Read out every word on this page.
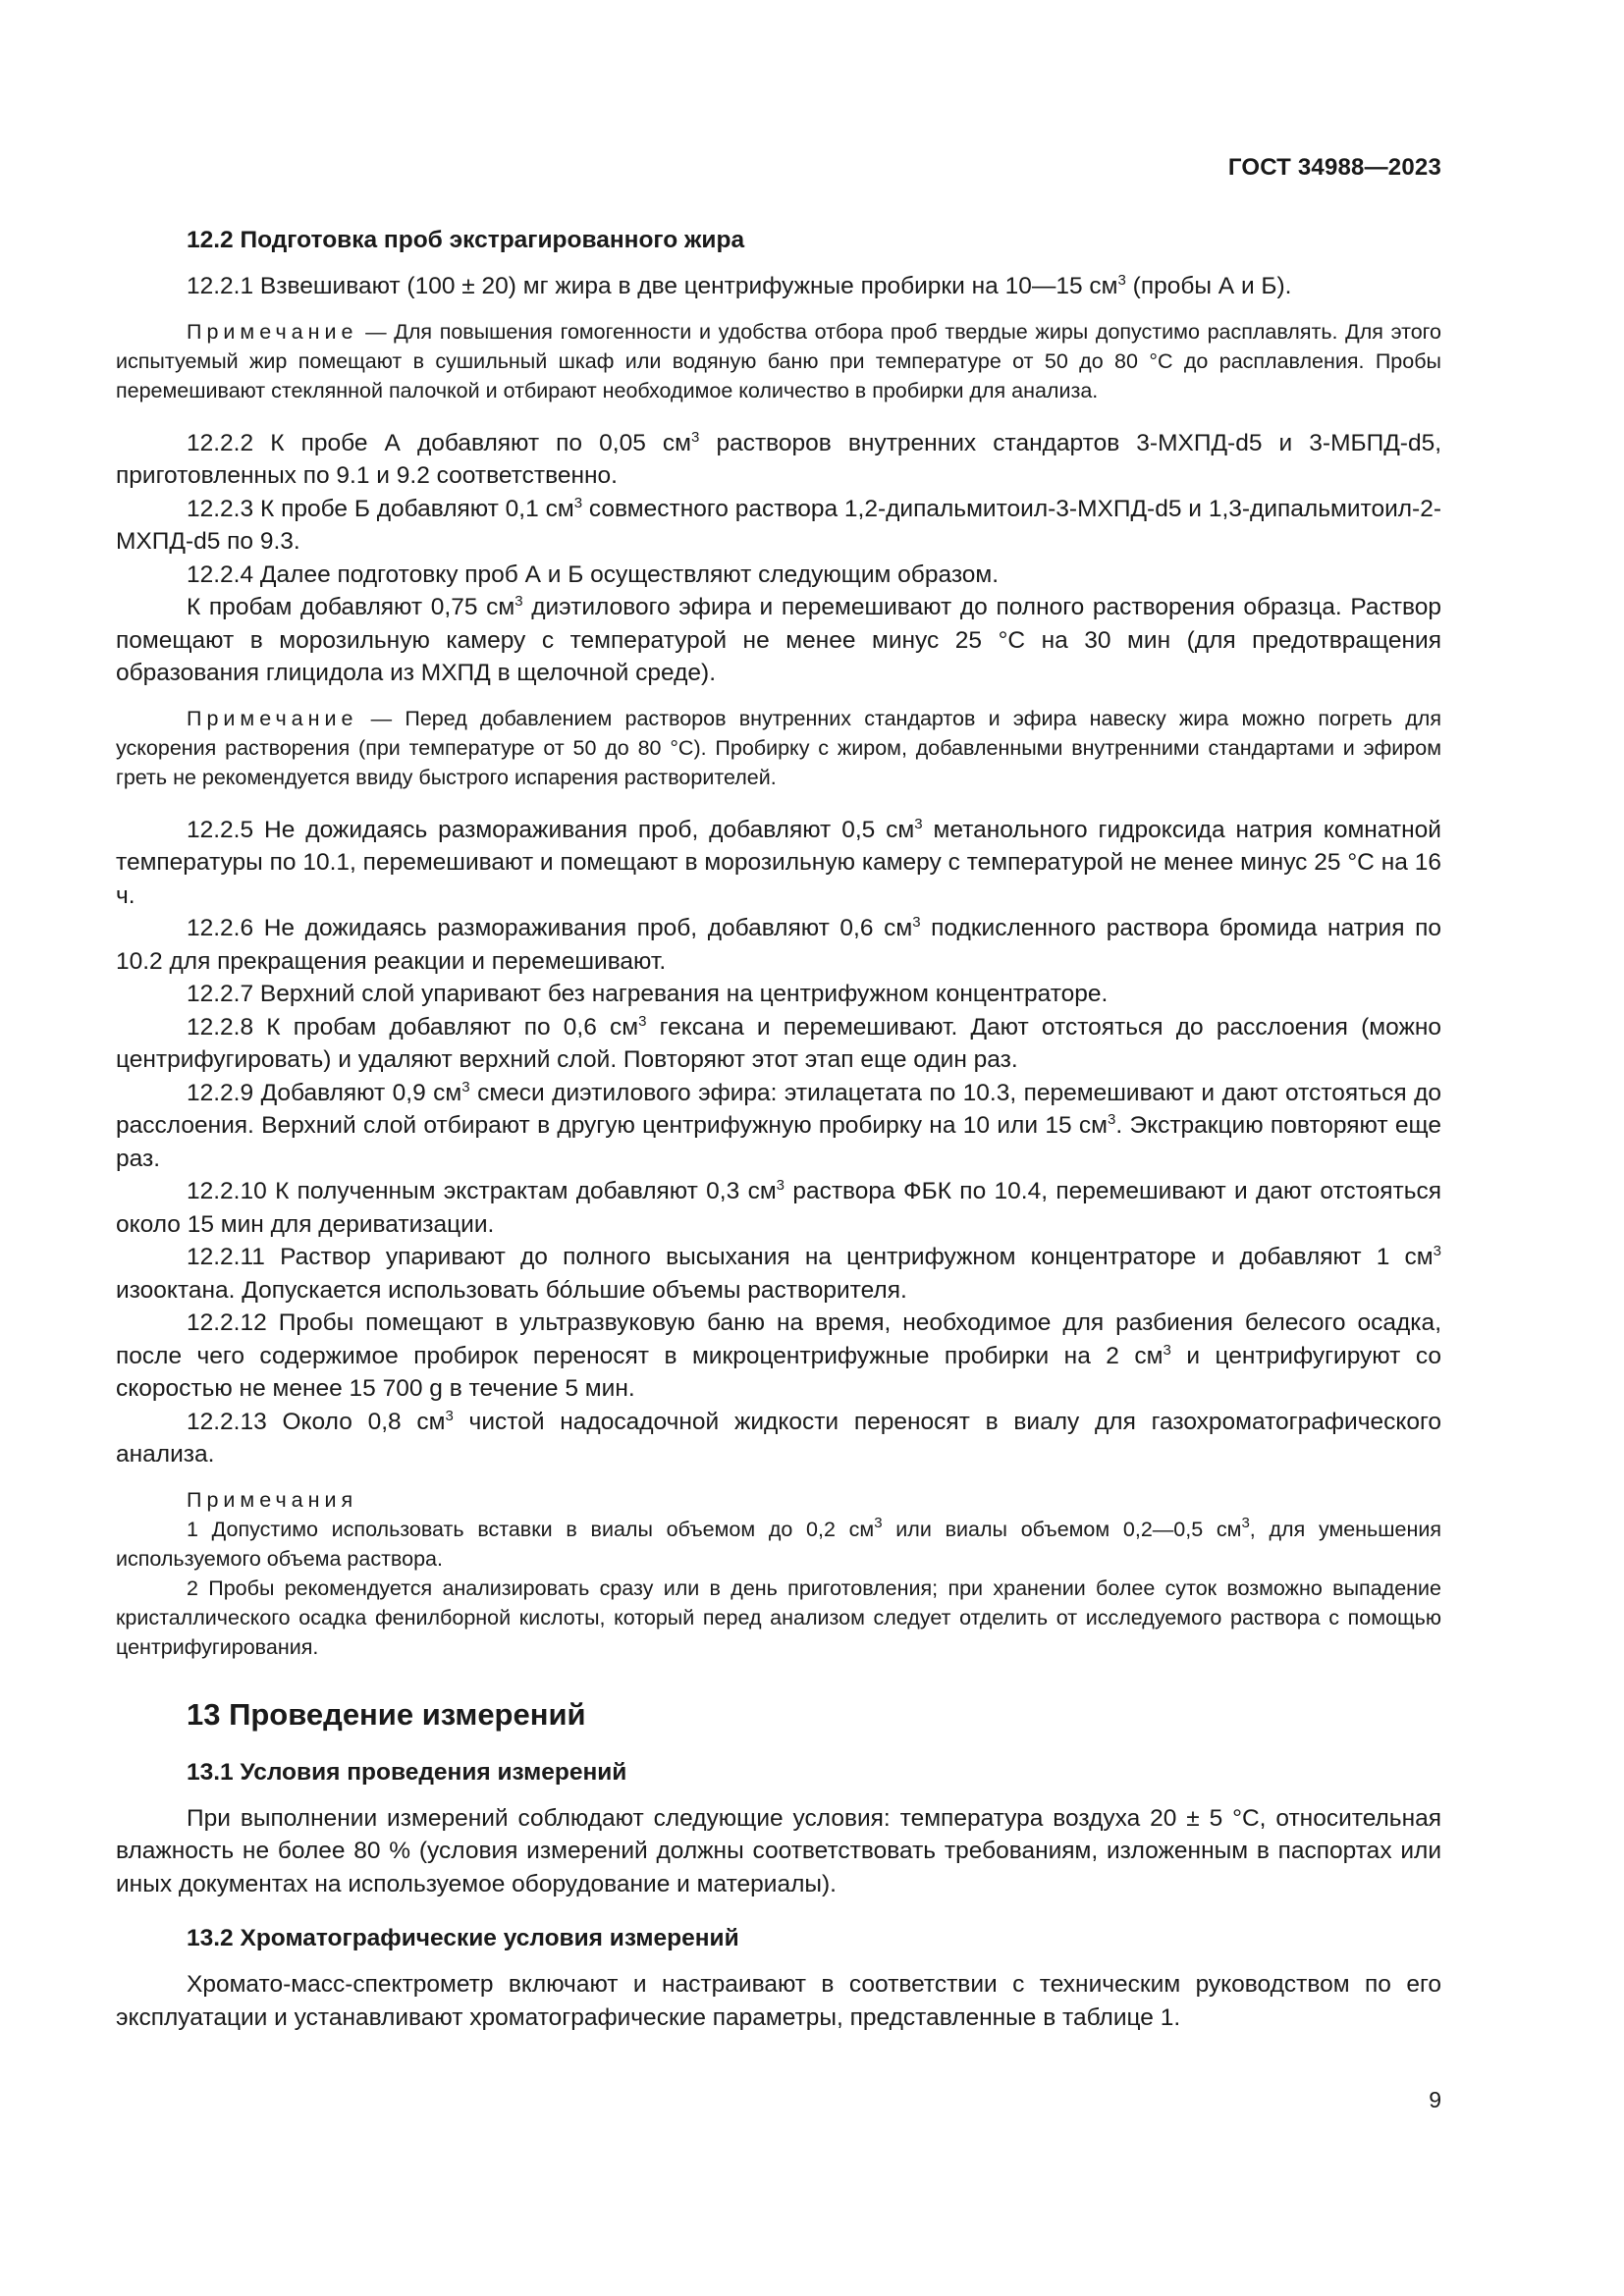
ГОСТ 34988—2023

12.2 Подготовка проб экстрагированного жира

12.2.1 Взвешивают (100 ± 20) мг жира в две центрифужные пробирки на 10—15 $см^3$ (пробы А и Б).

Примечание — Для повышения гомогенности и удобства отбора проб твердые жиры допустимо расплавлять. Для этого испытуемый жир помещают в сушильный шкаф или водяную баню при температуре от 50 до 80 °С до расплавления. Пробы перемешивают стеклянной палочкой и отбирают необходимое количество в пробирки для анализа.

12.2.2 К пробе А добавляют по 0,05 $см^3$ растворов внутренних стандартов 3-МХПД-d5 и 3-МБПД-d5, приготовленных по 9.1 и 9.2 соответственно.

12.2.3 К пробе Б добавляют 0,1 $см^3$ совместного раствора 1,2-дипальмитоил-3-МХПД-d5 и 1,3-дипальмитоил-2-МХПД-d5 по 9.3.

12.2.4 Далее подготовку проб А и Б осуществляют следующим образом.

К пробам добавляют 0,75 $см^3$ диэтилового эфира и перемешивают до полного растворения образца. Раствор помещают в морозильную камеру с температурой не менее минус 25 °С на 30 мин (для предотвращения образования глицидола из МХПД в щелочной среде).

Примечание — Перед добавлением растворов внутренних стандартов и эфира навеску жира можно погреть для ускорения растворения (при температуре от 50 до 80 °С). Пробирку с жиром, добавленными внутренними стандартами и эфиром греть не рекомендуется ввиду быстрого испарения растворителей.

12.2.5 Не дожидаясь размораживания проб, добавляют 0,5 $см^3$ метанольного гидроксида натрия комнатной температуры по 10.1, перемешивают и помещают в морозильную камеру с температурой не менее минус 25 °С на 16 ч.

12.2.6 Не дожидаясь размораживания проб, добавляют 0,6 $см^3$ подкисленного раствора бромида натрия по 10.2 для прекращения реакции и перемешивают.

12.2.7 Верхний слой упаривают без нагревания на центрифужном концентраторе.

12.2.8 К пробам добавляют по 0,6 $см^3$ гексана и перемешивают. Дают отстояться до расслоения (можно центрифугировать) и удаляют верхний слой. Повторяют этот этап еще один раз.

12.2.9 Добавляют 0,9 $см^3$ смеси диэтилового эфира: этилацетата по 10.3, перемешивают и дают отстояться до расслоения. Верхний слой отбирают в другую центрифужную пробирку на 10 или 15 $см^3$. Экстракцию повторяют еще раз.

12.2.10 К полученным экстрактам добавляют 0,3 $см^3$ раствора ФБК по 10.4, перемешивают и дают отстояться около 15 мин для дериватизации.

12.2.11 Раствор упаривают до полного высыхания на центрифужном концентраторе и добавляют 1 $см^3$ изооктана. Допускается использовать бóльшие объемы растворителя.

12.2.12 Пробы помещают в ультразвуковую баню на время, необходимое для разбиения белесого осадка, после чего содержимое пробирок переносят в микроцентрифужные пробирки на 2 $см^3$ и центрифугируют со скоростью не менее 15 700 g в течение 5 мин.

12.2.13 Около 0,8 $см^3$ чистой надосадочной жидкости переносят в виалу для газохроматографического анализа.

Примечания

1 Допустимо использовать вставки в виалы объемом до 0,2 $см^3$ или виалы объемом 0,2—0,5 $см^3$, для уменьшения используемого объема раствора.

2 Пробы рекомендуется анализировать сразу или в день приготовления; при хранении более суток возможно выпадение кристаллического осадка фенилборной кислоты, который перед анализом следует отделить от исследуемого раствора с помощью центрифугирования.

13 Проведение измерений

13.1 Условия проведения измерений

При выполнении измерений соблюдают следующие условия: температура воздуха 20 ± 5 °С, относительная влажность не более 80 % (условия измерений должны соответствовать требованиям, изложенным в паспортах или иных документах на используемое оборудование и материалы).

13.2 Хроматографические условия измерений

Хромато-масс-спектрометр включают и настраивают в соответствии с техническим руководством по его эксплуатации и устанавливают хроматографические параметры, представленные в таблице 1.

9
